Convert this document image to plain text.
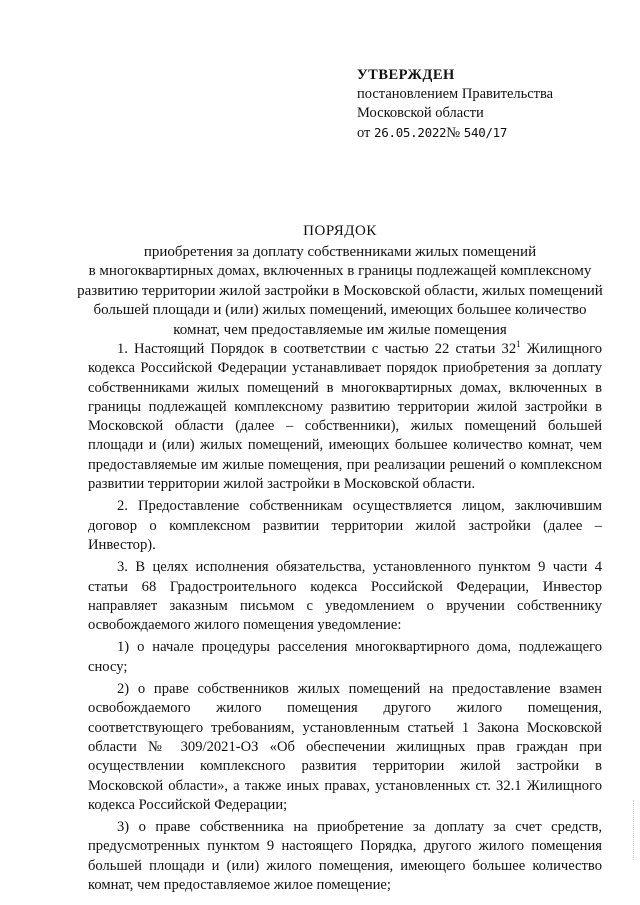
УТВЕРЖДЕН
постановлением Правительства
Московской области
от 26.05.2022№ 540/17
ПОРЯДОК
приобретения за доплату собственниками жилых помещений
в многоквартирных домах, включенных в границы подлежащей комплексному
развитию территории жилой застройки в Московской области, жилых помещений
большей площади и (или) жилых помещений, имеющих большее количество
комнат, чем предоставляемые им жилые помещения

1. Настоящий Порядок в соответствии с частью 22 статьи $32^1$ Жилищного кодекса Российской Федерации устанавливает порядок приобретения за доплату собственниками жилых помещений в многоквартирных домах, включенных в границы подлежащей комплексному развитию территории жилой застройки в Московской области (далее – собственники), жилых помещений большей площади и (или) жилых помещений, имеющих большее количество комнат, чем предоставляемые им жилые помещения, при реализации решений о комплексном развитии территории жилой застройки в Московской области.

2. Предоставление собственникам осуществляется лицом, заключившим договор о комплексном развитии территории жилой застройки (далее – Инвестор).

3. В целях исполнения обязательства, установленного пунктом 9 части 4 статьи 68 Градостроительного кодекса Российской Федерации, Инвестор направляет заказным письмом с уведомлением о вручении собственнику освобождаемого жилого помещения уведомление:

1) о начале процедуры расселения многоквартирного дома, подлежащего сносу;

2) о праве собственников жилых помещений на предоставление взамен освобождаемого жилого помещения другого жилого помещения, соответствующего требованиям, установленным статьей 1 Закона Московской области № 309/2021-ОЗ «Об обеспечении жилищных прав граждан при осуществлении комплексного развития территории жилой застройки в Московской области», а также иных правах, установленных ст. 32.1 Жилищного кодекса Российской Федерации;

3) о праве собственника на приобретение за доплату за счет средств, предусмотренных пунктом 9 настоящего Порядка, другого жилого помещения большей площади и (или) жилого помещения, имеющего большее количество комнат, чем предоставляемое жилое помещение;
